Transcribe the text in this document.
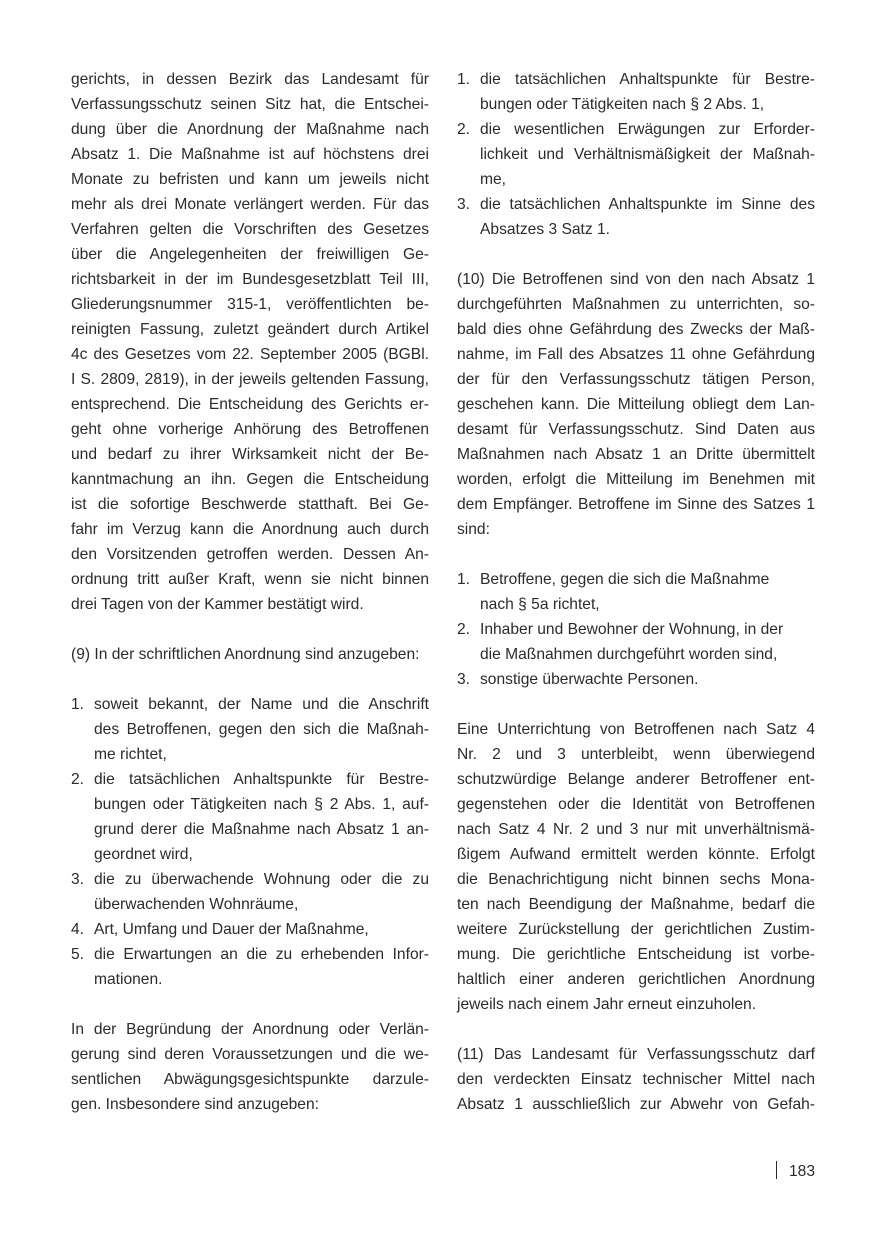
gerichts, in dessen Bezirk das Landesamt für
Verfassungsschutz seinen Sitz hat, die Entschei-
dung über die Anordnung der Maßnahme nach
Absatz 1. Die Maßnahme ist auf höchstens drei
Monate zu befristen und kann um jeweils nicht
mehr als drei Monate verlängert werden. Für das
Verfahren gelten die Vorschriften des Gesetzes
über die Angelegenheiten der freiwilligen Ge-
richtsbarkeit in der im Bundesgesetzblatt Teil III,
Gliederungsnummer 315-1, veröffentlichten be-
reinigten Fassung, zuletzt geändert durch Artikel
4c des Gesetzes vom 22. September 2005 (BGBl.
I S. 2809, 2819), in der jeweils geltenden Fassung,
entsprechend. Die Entscheidung des Gerichts er-
geht ohne vorherige Anhörung des Betroffenen
und bedarf zu ihrer Wirksamkeit nicht der Be-
kanntmachung an ihn. Gegen die Entscheidung
ist die sofortige Beschwerde statthaft. Bei Ge-
fahr im Verzug kann die Anordnung auch durch
den Vorsitzenden getroffen werden. Dessen An-
ordnung tritt außer Kraft, wenn sie nicht binnen
drei Tagen von der Kammer bestätigt wird.
(9) In der schriftlichen Anordnung sind anzugeben:
1. soweit bekannt, der Name und die Anschrift
des Betroffenen, gegen den sich die Maßnah-
me richtet,
2. die tatsächlichen Anhaltspunkte für Bestre-
bungen oder Tätigkeiten nach § 2 Abs. 1, auf-
grund derer die Maßnahme nach Absatz 1 an-
geordnet wird,
3. die zu überwachende Wohnung oder die zu
überwachenden Wohnräume,
4. Art, Umfang und Dauer der Maßnahme,
5. die Erwartungen an die zu erhebenden Infor-
mationen.
In der Begründung der Anordnung oder Verlän-
gerung sind deren Voraussetzungen und die we-
sentlichen Abwägungsgesichtspunkte darzule-
gen. Insbesondere sind anzugeben:
1. die tatsächlichen Anhaltspunkte für Bestre-
bungen oder Tätigkeiten nach § 2 Abs. 1,
2. die wesentlichen Erwägungen zur Erforder-
lichkeit und Verhältnismäßigkeit der Maßnah-
me,
3. die tatsächlichen Anhaltspunkte im Sinne des
Absatzes 3 Satz 1.
(10) Die Betroffenen sind von den nach Absatz 1
durchgeführten Maßnahmen zu unterrichten, so-
bald dies ohne Gefährdung des Zwecks der Maß-
nahme, im Fall des Absatzes 11 ohne Gefährdung
der für den Verfassungsschutz tätigen Person,
geschehen kann. Die Mitteilung obliegt dem Lan-
desamt für Verfassungsschutz. Sind Daten aus
Maßnahmen nach Absatz 1 an Dritte übermittelt
worden, erfolgt die Mitteilung im Benehmen mit
dem Empfänger. Betroffene im Sinne des Satzes 1
sind:
1. Betroffene, gegen die sich die Maßnahme
nach § 5a richtet,
2. Inhaber und Bewohner der Wohnung, in der
die Maßnahmen durchgeführt worden sind,
3. sonstige überwachte Personen.
Eine Unterrichtung von Betroffenen nach Satz 4
Nr. 2 und 3 unterbleibt, wenn überwiegend
schutzwürdige Belange anderer Betroffener ent-
gegenstehen oder die Identität von Betroffenen
nach Satz 4 Nr. 2 und 3 nur mit unverhältnismä-
ßigem Aufwand ermittelt werden könnte. Erfolgt
die Benachrichtigung nicht binnen sechs Mona-
ten nach Beendigung der Maßnahme, bedarf die
weitere Zurückstellung der gerichtlichen Zustim-
mung. Die gerichtliche Entscheidung ist vorbe-
haltlich einer anderen gerichtlichen Anordnung
jeweils nach einem Jahr erneut einzuholen.
(11) Das Landesamt für Verfassungsschutz darf
den verdeckten Einsatz technischer Mittel nach
Absatz 1 ausschließlich zur Abwehr von Gefah-
183
